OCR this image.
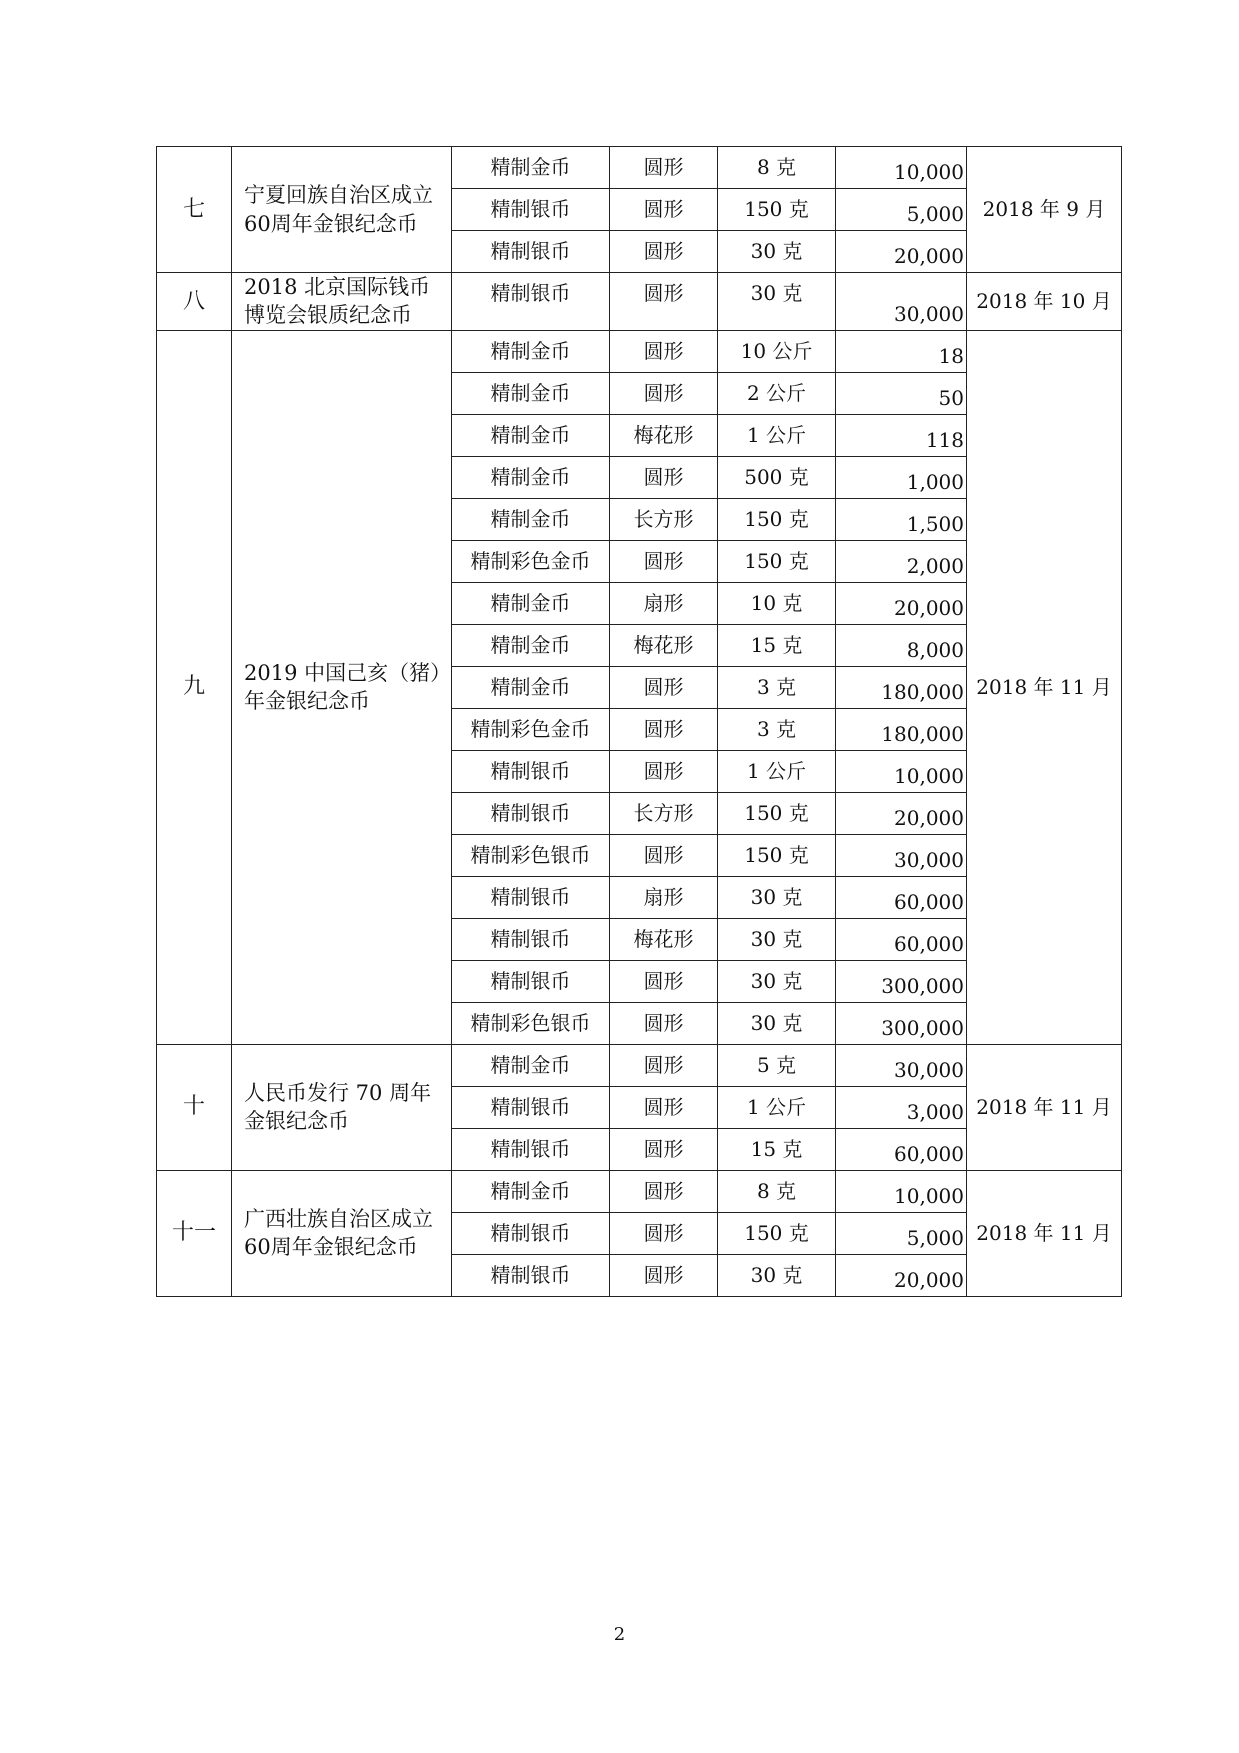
七	宁夏回族自治区成立60周年金银纪念币	精制金币	圆形	8 克	10,000	2018 年 9 月
		精制银币	圆形	150 克	5,000	
		精制银币	圆形	30 克	20,000	
八	2018 北京国际钱币博览会银质纪念币	精制银币	圆形	30 克	30,000	2018 年 10 月
九	2019 中国己亥（猪）年金银纪念币	精制金币	圆形	10 公斤	18	2018 年 11 月
		精制金币	圆形	2 公斤	50	
		精制金币	梅花形	1 公斤	118	
		精制金币	圆形	500 克	1,000	
		精制金币	长方形	150 克	1,500	
		精制彩色金币	圆形	150 克	2,000	
		精制金币	扇形	10 克	20,000	
		精制金币	梅花形	15 克	8,000	
		精制金币	圆形	3 克	180,000	
		精制彩色金币	圆形	3 克	180,000	
		精制银币	圆形	1 公斤	10,000	
		精制银币	长方形	150 克	20,000	
		精制彩色银币	圆形	150 克	30,000	
		精制银币	扇形	30 克	60,000	
		精制银币	梅花形	30 克	60,000	
		精制银币	圆形	30 克	300,000	
		精制彩色银币	圆形	30 克	300,000	
十	人民币发行 70 周年金银纪念币	精制金币	圆形	5 克	30,000	2018 年 11 月
		精制银币	圆形	1 公斤	3,000	
		精制银币	圆形	15 克	60,000	
十一	广西壮族自治区成立60周年金银纪念币	精制金币	圆形	8 克	10,000	2018 年 11 月
		精制银币	圆形	150 克	5,000	
		精制银币	圆形	30 克	20,000	
2
